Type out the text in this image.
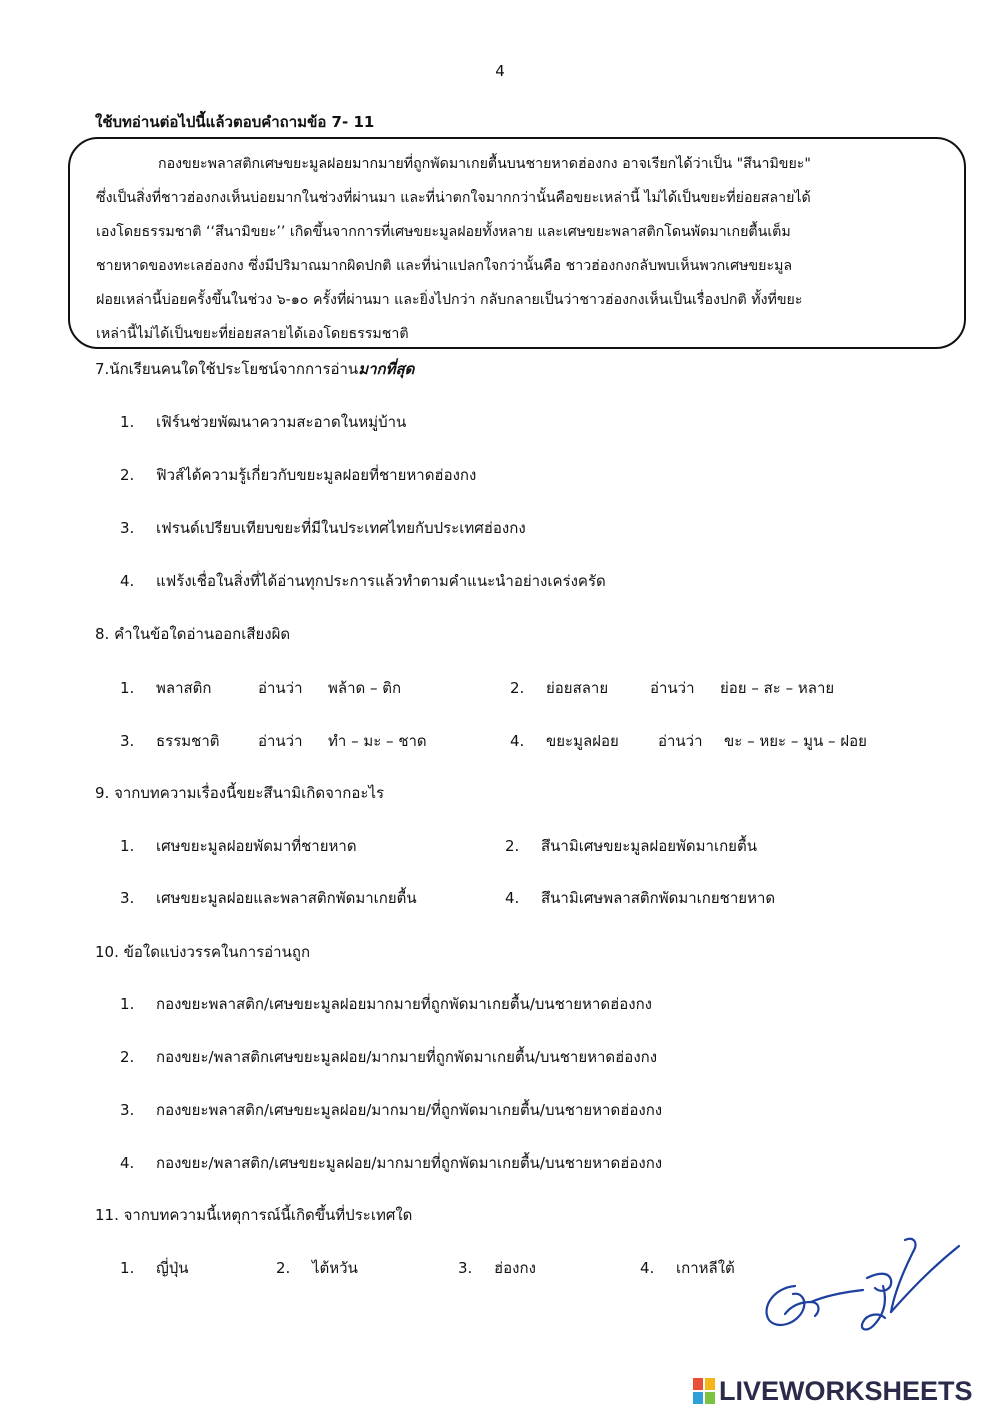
4
ใช้บทอ่านต่อไปนี้แล้วตอบคำถามข้อ 7- 11
กองขยะพลาสติกเศษขยะมูลฝอยมากมายที่ถูกพัดมาเกยตื้นบนชายหาดฮ่องกง อาจเรียกได้ว่าเป็น "สึนามิขยะ"
ซึ่งเป็นสิ่งที่ชาวฮ่องกงเห็นบ่อยมากในช่วงที่ผ่านมา และที่น่าตกใจมากกว่านั้นคือขยะเหล่านี้ ไม่ได้เป็นขยะที่ย่อยสลายได้
เองโดยธรรมชาติ ‘‘สึนามิขยะ’’ เกิดขึ้นจากการที่เศษขยะมูลฝอยทั้งหลาย และเศษขยะพลาสติกโดนพัดมาเกยตื้นเต็ม
ชายหาดของทะเลฮ่องกง ซึ่งมีปริมาณมากผิดปกติ และที่น่าแปลกใจกว่านั้นคือ ชาวฮ่องกงกลับพบเห็นพวกเศษขยะมูล
ฝอยเหล่านี้บ่อยครั้งขึ้นในช่วง ๖-๑๐ ครั้งที่ผ่านมา และยิ่งไปกว่า กลับกลายเป็นว่าชาวฮ่องกงเห็นเป็นเรื่องปกติ ทั้งที่ขยะ
เหล่านี้ไม่ได้เป็นขยะที่ย่อยสลายได้เองโดยธรรมชาติ
7.นักเรียนคนใดใช้ประโยชน์จากการอ่านมากที่สุด
1. เฟิร์นช่วยพัฒนาความสะอาดในหมู่บ้าน
2. ฟิวส์ได้ความรู้เกี่ยวกับขยะมูลฝอยที่ชายหาดฮ่องกง
3. เฟรนด์เปรียบเทียบขยะที่มีในประเทศไทยกับประเทศฮ่องกง
4. แฟร้งเชื่อในสิ่งที่ได้อ่านทุกประการแล้วทำตามคำแนะนำอย่างเคร่งครัด
8. คำในข้อใดอ่านออกเสียงผิด
1. พลาสติก	อ่านว่า พล้าด – ติก	2. ย่อยสลาย	อ่านว่า ย่อย – สะ – หลาย
3. ธรรมชาติ	อ่านว่า ทำ – มะ – ชาด	4. ขยะมูลฝอย	อ่านว่า ขะ – หยะ – มูน – ฝอย
9. จากบทความเรื่องนี้ขยะสึนามิเกิดจากอะไร
1. เศษขยะมูลฝอยพัดมาที่ชายหาด	2. สึนามิเศษขยะมูลฝอยพัดมาเกยตื้น
3. เศษขยะมูลฝอยและพลาสติกพัดมาเกยตื้น	4. สึนามิเศษพลาสติกพัดมาเกยชายหาด
10. ข้อใดแบ่งวรรคในการอ่านถูก
1. กองขยะพลาสติก/เศษขยะมูลฝอยมากมายที่ถูกพัดมาเกยตื้น/บนชายหาดฮ่องกง
2. กองขยะ/พลาสติกเศษขยะมูลฝอย/มากมายที่ถูกพัดมาเกยตื้น/บนชายหาดฮ่องกง
3. กองขยะพลาสติก/เศษขยะมูลฝอย/มากมาย/ที่ถูกพัดมาเกยตื้น/บนชายหาดฮ่องกง
4. กองขยะ/พลาสติก/เศษขยะมูลฝอย/มากมายที่ถูกพัดมาเกยตื้น/บนชายหาดฮ่องกง
11. จากบทความนี้เหตุการณ์นี้เกิดขึ้นที่ประเทศใด
1. ญี่ปุ่น	2. ไต้หวัน	3. ฮ่องกง	4. เกาหลีใต้
LIVEWORKSHEETS
